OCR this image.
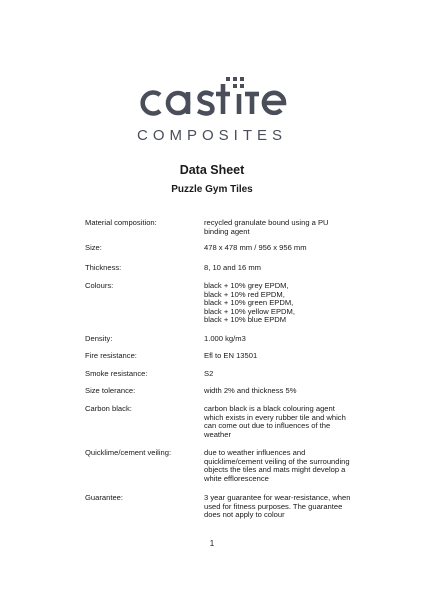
COMPOSITES
Data Sheet
Puzzle Gym Tiles
Material composition:	recycled granulate bound using a PU
binding agent
Size:	478 x 478 mm / 956 x 956 mm
Thickness:	8, 10 and 16 mm
Colours:	black + 10% grey EPDM,
black + 10% red EPDM,
black + 10% green EPDM,
black + 10% yellow EPDM,
black + 10% blue EPDM
Density:	1.000 kg/m3
Fire resistance:	Efl to EN 13501
Smoke resistance:	S2
Size tolerance:	width 2% and thickness 5%
Carbon black:	carbon black is a black colouring agent
which exists in every rubber tile and which
can come out due to influences of the
weather
Quicklime/cement veiling:	due to weather influences and
quicklime/cement veiling of the surrounding
objects the tiles and mats might develop a
white efflorescence
Guarantee:	3 year guarantee for wear-resistance, when
used for fitness purposes. The guarantee
does not apply to colour
1
